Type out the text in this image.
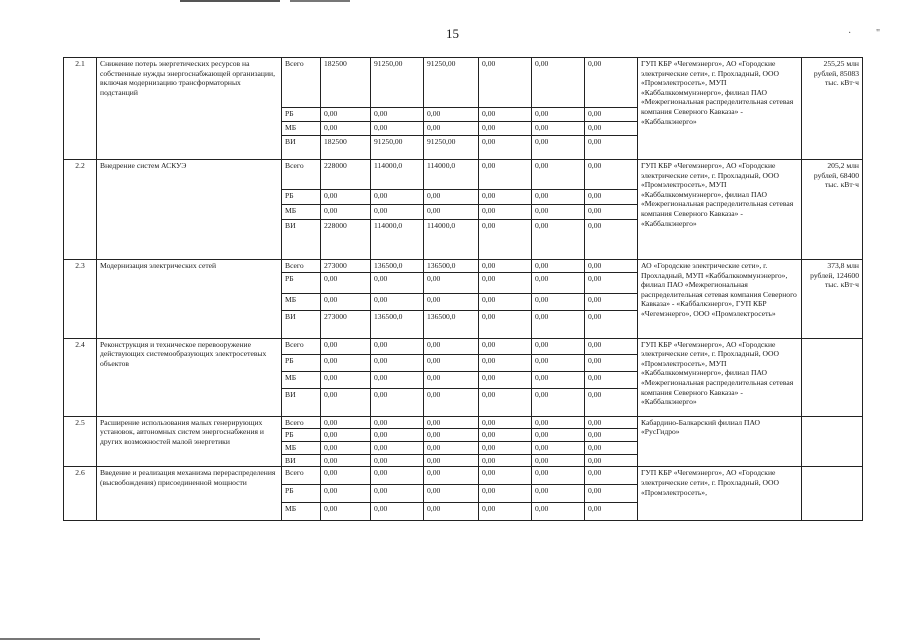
· "
15
2.1	Снижение потерь энергетических ресурсов на собственные нужды энергоснабжающей организации, включая модернизацию трансформаторных подстанций	Всего	182500	91250,00	91250,00	0,00	0,00	0,00	ГУП КБР «Чегемэнерго», АО «Городские электрические сети», г. Прохладный, ООО «Промэлектросеть», МУП «Каббалккоммунэнерго», филиал ПАО «Межрегиональная распределительная сетевая компания Северного Кавказа» - «Каббалкэнерго»	255,25 млн рублей, 85083 тыс. кВт·ч
		РБ	0,00	0,00	0,00	0,00	0,00	0,00		
		МБ	0,00	0,00	0,00	0,00	0,00	0,00		
		ВИ	182500	91250,00	91250,00	0,00	0,00	0,00		
2.2	Внедрение систем АСКУЭ	Всего	228000	114000,0	114000,0	0,00	0,00	0,00	ГУП КБР «Чегемэнерго», АО «Городские электрические сети», г. Прохладный, ООО «Промэлектросеть», МУП «Каббалккоммунэнерго», филиал ПАО «Межрегиональная распределительная сетевая компания Северного Кавказа» - «Каббалкэнерго»	205,2 млн рублей, 68400 тыс. кВт·ч
		РБ	0,00	0,00	0,00	0,00	0,00	0,00		
		МБ	0,00	0,00	0,00	0,00	0,00	0,00		
		ВИ	228000	114000,0	114000,0	0,00	0,00	0,00		
2.3	Модернизация электрических сетей	Всего	273000	136500,0	136500,0	0,00	0,00	0,00	АО «Городские электрические сети», г. Прохладный, МУП «Каббалккоммунэнерго», филиал ПАО «Межрегиональная распределительная сетевая компания Северного Кавказа» - «Каббалкэнерго», ГУП КБР «Чегемэнерго», ООО «Промэлектросеть»	373,8 млн рублей, 124600 тыс. кВт·ч
		РБ	0,00	0,00	0,00	0,00	0,00	0,00		
		МБ	0,00	0,00	0,00	0,00	0,00	0,00		
		ВИ	273000	136500,0	136500,0	0,00	0,00	0,00		
2.4	Реконструкция и техническое перевооружение действующих системообразующих электросетевых объектов	Всего	0,00	0,00	0,00	0,00	0,00	0,00	ГУП КБР «Чегемэнерго», АО «Городские электрические сети», г. Прохладный, ООО «Промэлектросеть», МУП «Каббалккоммунэнерго», филиал ПАО «Межрегиональная распределительная сетевая компания Северного Кавказа» - «Каббалкэнерго»	
		РБ	0,00	0,00	0,00	0,00	0,00	0,00		
		МБ	0,00	0,00	0,00	0,00	0,00	0,00		
		ВИ	0,00	0,00	0,00	0,00	0,00	0,00		
2.5	Расширение использования малых генерирующих установок, автономных систем энергоснабжения и других возможностей малой энергетики	Всего	0,00	0,00	0,00	0,00	0,00	0,00	Кабардино-Балкарский филиал ПАО «РусГидро»	
		РБ	0,00	0,00	0,00	0,00	0,00	0,00		
		МБ	0,00	0,00	0,00	0,00	0,00	0,00		
		ВИ	0,00	0,00	0,00	0,00	0,00	0,00		
2.6	Введение и реализация механизма перераспределения (высвобождения) присоединенной мощности	Всего	0,00	0,00	0,00	0,00	0,00	0,00	ГУП КБР «Чегемэнерго», АО «Городские электрические сети», г. Прохладный, ООО «Промэлектросеть»,	
		РБ	0,00	0,00	0,00	0,00	0,00	0,00		
		МБ	0,00	0,00	0,00	0,00	0,00	0,00		
